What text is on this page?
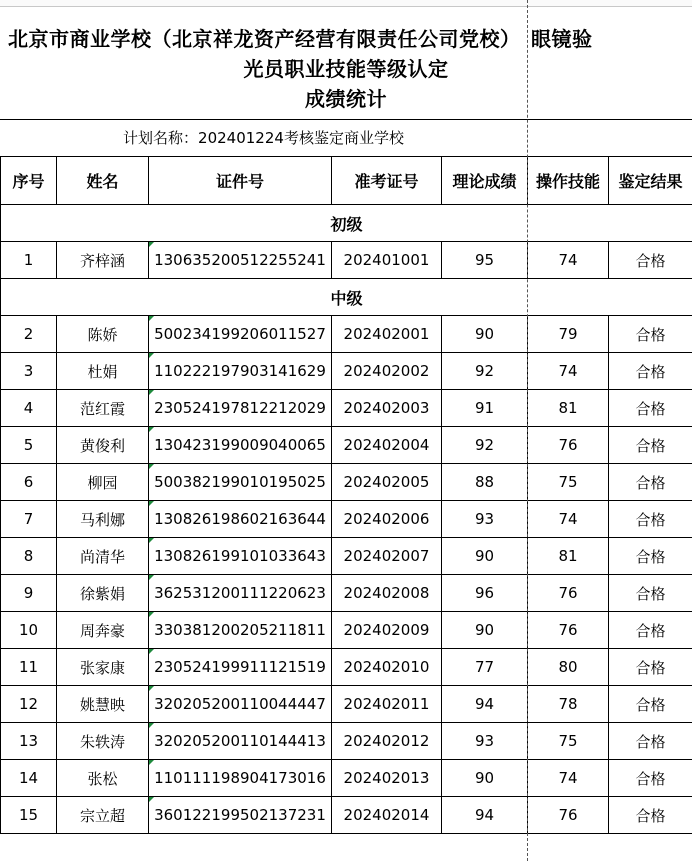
北京市商业学校（北京祥龙资产经营有限责任公司党校）　眼镜验
光员职业技能等级认定
成绩统计
计划名称：202401224考核鉴定商业学校
序号	姓名	证件号	准考证号	理论成绩	操作技能	鉴定结果
初级						
1	齐梓涵	130635200512255241	202401001	95	74	合格
中级						
2	陈娇	500234199206011527	202402001	90	79	合格
3	杜娟	110222197903141629	202402002	92	74	合格
4	范红霞	230524197812212029	202402003	91	81	合格
5	黄俊利	130423199009040065	202402004	92	76	合格
6	柳园	500382199010195025	202402005	88	75	合格
7	马利娜	130826198602163644	202402006	93	74	合格
8	尚清华	130826199101033643	202402007	90	81	合格
9	徐紫娟	362531200111220623	202402008	96	76	合格
10	周奔豪	330381200205211811	202402009	90	76	合格
11	张家康	230524199911121519	202402010	77	80	合格
12	姚慧映	320205200110044447	202402011	94	78	合格
13	朱轶涛	320205200110144413	202402012	93	75	合格
14	张松	110111198904173016	202402013	90	74	合格
15	宗立超	360122199502137231	202402014	94	76	合格
